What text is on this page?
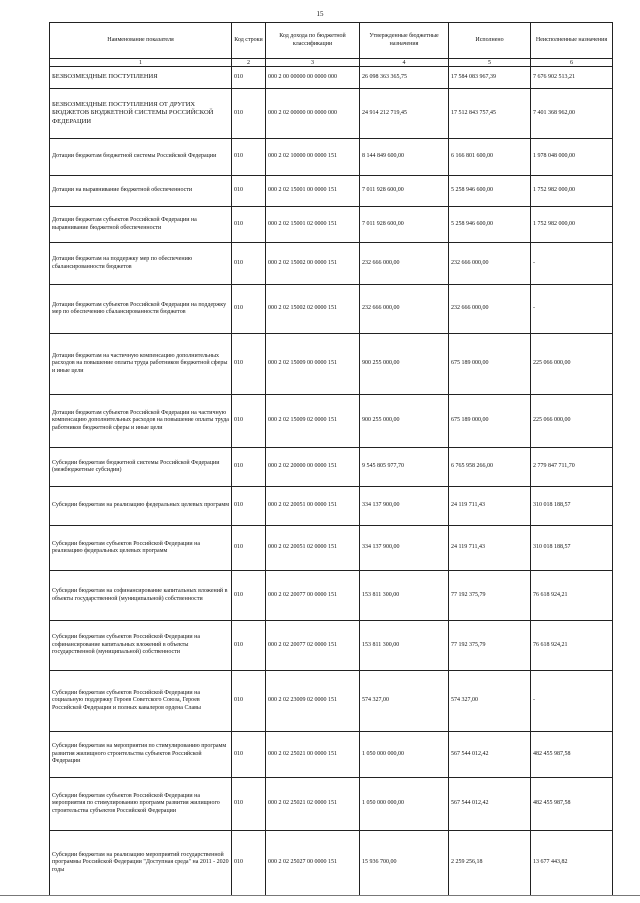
15
Наименование показателя	Код строки	Код дохода по бюджетной классификации	Утвержденные бюджетные назначения	Исполнено	Неисполненные назначения
1	2	3	4	5	6
БЕЗВОЗМЕЗДНЫЕ ПОСТУПЛЕНИЯ	010	000 2 00 00000 00 0000 000	26 098 363 365,75	17 584 083 967,39	7 676 902 513,21
БЕЗВОЗМЕЗДНЫЕ ПОСТУПЛЕНИЯ ОТ ДРУГИХ БЮДЖЕТОВ БЮДЖЕТНОЙ СИСТЕМЫ РОССИЙСКОЙ ФЕДЕРАЦИИ	010	000 2 02 00000 00 0000 000	24 914 212 719,45	17 512 843 757,45	7 401 368 962,00
Дотации бюджетам бюджетной системы Российской Федерации	010	000 2 02 10000 00 0000 151	8 144 849 600,00	6 166 801 600,00	1 978 048 000,00
Дотации на выравнивание бюджетной обеспеченности	010	000 2 02 15001 00 0000 151	7 011 928 600,00	5 258 946 600,00	1 752 982 000,00
Дотации бюджетам субъектов Российской Федерации на выравнивание бюджетной обеспеченности	010	000 2 02 15001 02 0000 151	7 011 928 600,00	5 258 946 600,00	1 752 982 000,00
Дотации бюджетам на поддержку мер по обеспечению сбалансированности бюджетов	010	000 2 02 15002 00 0000 151	232 666 000,00	232 666 000,00	-
Дотации бюджетам субъектов Российской Федерации на поддержку мер по обеспечению сбалансированности бюджетов	010	000 2 02 15002 02 0000 151	232 666 000,00	232 666 000,00	-
Дотации бюджетам на частичную компенсацию дополнительных расходов на повышение оплаты труда работников бюджетной сферы и иные цели	010	000 2 02 15009 00 0000 151	900 255 000,00	675 189 000,00	225 066 000,00
Дотации бюджетам субъектов Российской Федерации на частичную компенсацию дополнительных расходов на повышение оплаты труда работников бюджетной сферы и иные цели	010	000 2 02 15009 02 0000 151	900 255 000,00	675 189 000,00	225 066 000,00
Субсидии бюджетам бюджетной системы Российской Федерации (межбюджетные субсидии)	010	000 2 02 20000 00 0000 151	9 545 805 977,70	6 765 958 266,00	2 779 847 711,70
Субсидии бюджетам на реализацию федеральных целевых программ	010	000 2 02 20051 00 0000 151	334 137 900,00	24 119 711,43	310 018 188,57
Субсидии бюджетам субъектов Российской Федерации на реализацию федеральных целевых программ	010	000 2 02 20051 02 0000 151	334 137 900,00	24 119 711,43	310 018 188,57
Субсидии бюджетам на софинансирование капитальных вложений в объекты государственной (муниципальной) собственности	010	000 2 02 20077 00 0000 151	153 811 300,00	77 192 375,79	76 618 924,21
Субсидии бюджетам субъектов Российской Федерации на софинансирование капитальных вложений в объекты государственной (муниципальной) собственности	010	000 2 02 20077 02 0000 151	153 811 300,00	77 192 375,79	76 618 924,21
Субсидии бюджетам субъектов Российской Федерации на социальную поддержку Героев Советского Союза, Героев Российской Федерации и полных кавалеров ордена Славы	010	000 2 02 23009 02 0000 151	574 327,00	574 327,00	-
Субсидии бюджетам на мероприятия по стимулированию программ развития жилищного строительства субъектов Российской Федерации	010	000 2 02 25021 00 0000 151	1 050 000 000,00	567 544 012,42	482 455 987,58
Субсидии бюджетам субъектов Российской Федерации на мероприятия по стимулированию программ развития жилищного строительства субъектов Российской Федерации	010	000 2 02 25021 02 0000 151	1 050 000 000,00	567 544 012,42	482 455 987,58
Субсидии бюджетам на реализацию мероприятий государственной программы Российской Федерации "Доступная среда" на 2011 - 2020 годы	010	000 2 02 25027 00 0000 151	15 936 700,00	2 259 256,18	13 677 443,82
